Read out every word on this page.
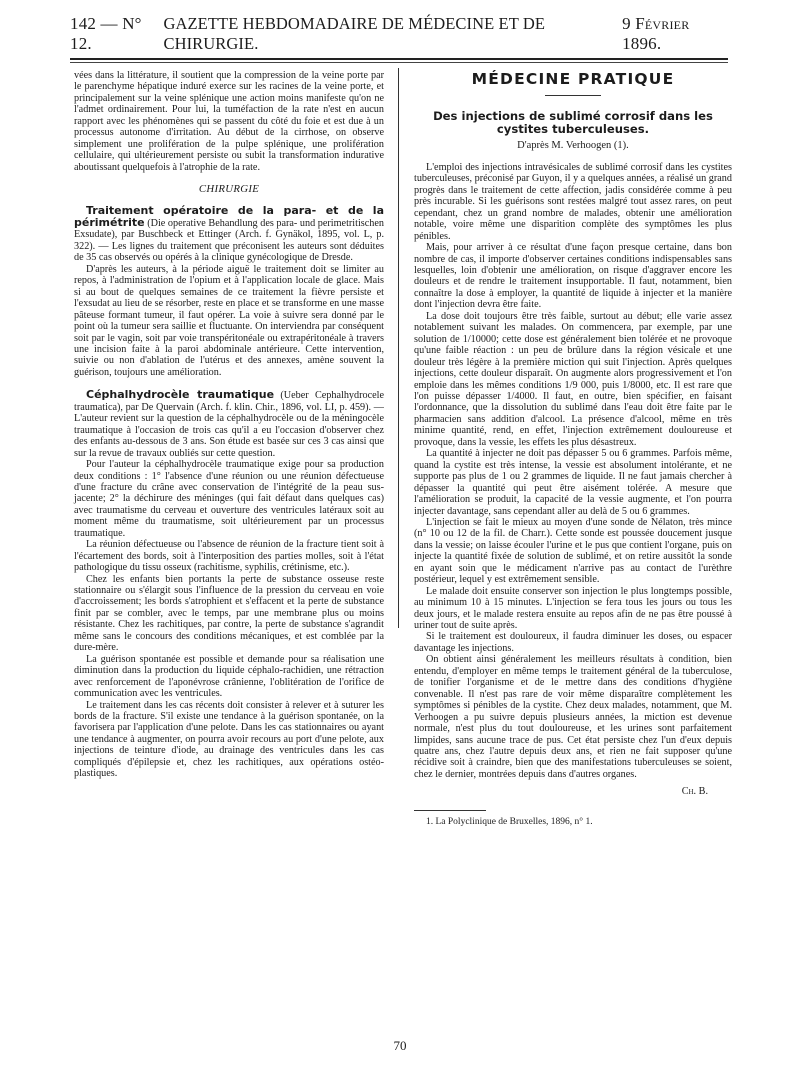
142 — N° 12.
GAZETTE HEBDOMADAIRE DE MÉDECINE ET DE CHIRURGIE.
9 Février 1896.

vées dans la littérature, il soutient que la compression de la veine porte par le parenchyme hépatique induré exerce sur les racines de la veine porte, et principalement sur la veine splénique une action moins manifeste qu'on ne l'admet ordinairement. Pour lui, la tuméfaction de la rate n'est en aucun rapport avec les phénomènes qui se passent du côté du foie et est due à un processus autonome d'irritation. Au début de la cirrhose, on observe simplement une prolifération de la pulpe splénique, une prolifération cellulaire, qui ultérieurement persiste ou subit la transformation indurative aboutissant quelquefois à l'atrophie de la rate.

CHIRURGIE

Traitement opératoire de la para- et de la périmétrite (Die operative Behandlung des para- und perimetritischen Exsudate), par Buschbeck et Ettinger (Arch. f. Gynäkol, 1895, vol. L, p. 322). — Les lignes du traitement que préconisent les auteurs sont déduites de 35 cas observés ou opérés à la clinique gynécologique de Dresde.

D'après les auteurs, à la période aiguë le traitement doit se limiter au repos, à l'administration de l'opium et à l'application locale de glace. Mais si au bout de quelques semaines de ce traitement la fièvre persiste et l'exsudat au lieu de se résorber, reste en place et se transforme en une masse pâteuse formant tumeur, il faut opérer. La voie à suivre sera donné par le point où la tumeur sera saillie et fluctuante. On interviendra par conséquent soit par le vagin, soit par voie transpéritonéale ou extrapéritonéale à travers une incision faite à la paroi abdominale antérieure. Cette intervention, suivie ou non d'ablation de l'utérus et des annexes, amène souvent la guérison, toujours une amélioration.

Céphalhydrocèle traumatique (Ueber Cephalhydrocele traumatica), par De Quervain (Arch. f. klin. Chir., 1896, vol. LI, p. 459). — L'auteur revient sur la question de la céphalhydrocèle ou de la méningocèle traumatique à l'occasion de trois cas qu'il a eu l'occasion d'observer chez des enfants au-dessous de 3 ans. Son étude est basée sur ces 3 cas ainsi que sur la revue de travaux oubliés sur cette question.

Pour l'auteur la céphalhydrocèle traumatique exige pour sa production deux conditions : 1° l'absence d'une réunion ou une réunion défectueuse d'une fracture du crâne avec conservation de l'intégrité de la peau sus-jacente; 2° la déchirure des méninges (qui fait défaut dans quelques cas) avec traumatisme du cerveau et ouverture des ventricules latéraux soit au moment même du traumatisme, soit ultérieurement par un processus traumatique.

La réunion défectueuse ou l'absence de réunion de la fracture tient soit à l'écartement des bords, soit à l'interposition des parties molles, soit à l'état pathologique du tissu osseux (rachitisme, syphilis, crétinisme, etc.).

Chez les enfants bien portants la perte de substance osseuse reste stationnaire ou s'élargit sous l'influence de la pression du cerveau en voie d'accroissement; les bords s'atrophient et s'effacent et la perte de substance finit par se combler, avec le temps, par une membrane plus ou moins résistante. Chez les rachitiques, par contre, la perte de substance s'agrandit même sans le concours des conditions mécaniques, et est comblée par la dure-mère.

La guérison spontanée est possible et demande pour sa réalisation une diminution dans la production du liquide céphalo-rachidien, une rétraction avec renforcement de l'aponévrose crânienne, l'oblitération de l'orifice de communication avec les ventricules.

Le traitement dans les cas récents doit consister à relever et à suturer les bords de la fracture. S'il existe une tendance à la guérison spontanée, on la favorisera par l'application d'une pelote. Dans les cas stationnaires ou ayant une tendance à augmenter, on pourra avoir recours au port d'une pelote, aux injections de teinture d'iode, au drainage des ventricules dans les cas compliqués d'épilepsie et, chez les rachitiques, aux opérations ostéo-plastiques.

MÉDECINE PRATIQUE
Des injections de sublimé corrosif dans les cystites tuberculeuses.
D'après M. Verhoogen (1).

L'emploi des injections intravésicales de sublimé corrosif dans les cystites tuberculeuses, préconisé par Guyon, il y a quelques années, a réalisé un grand progrès dans le traitement de cette affection, jadis considérée comme à peu près incurable. Si les guérisons sont restées malgré tout assez rares, on peut cependant, chez un grand nombre de malades, obtenir une amélioration notable, voire même une disparition complète des symptômes les plus pénibles.

Mais, pour arriver à ce résultat d'une façon presque certaine, dans bon nombre de cas, il importe d'observer certaines conditions indispensables sans lesquelles, loin d'obtenir une amélioration, on risque d'aggraver encore les douleurs et de rendre le traitement insupportable. Il faut, notamment, bien connaître la dose à employer, la quantité de liquide à injecter et la manière dont l'injection devra être faite.

La dose doit toujours être très faible, surtout au début; elle varie assez notablement suivant les malades. On commencera, par exemple, par une solution de 1/10000; cette dose est généralement bien tolérée et ne provoque qu'une faible réaction : un peu de brûlure dans la région vésicale et une douleur très légère à la première miction qui suit l'injection. Après quelques injections, cette douleur disparaît. On augmente alors progressivement et l'on emploie dans les mêmes conditions 1/9 000, puis 1/8000, etc. Il est rare que l'on puisse dépasser 1/4000. Il faut, en outre, bien spécifier, en faisant l'ordonnance, que la dissolution du sublimé dans l'eau doit être faite par le pharmacien sans addition d'alcool. La présence d'alcool, même en très minime quantité, rend, en effet, l'injection extrêmement douloureuse et provoque, dans la vessie, les effets les plus désastreux.

La quantité à injecter ne doit pas dépasser 5 ou 6 grammes. Parfois même, quand la cystite est très intense, la vessie est absolument intolérante, et ne supporte pas plus de 1 ou 2 grammes de liquide. Il ne faut jamais chercher à dépasser la quantité qui peut être aisément tolérée. A mesure que l'amélioration se produit, la capacité de la vessie augmente, et l'on pourra injecter davantage, sans cependant aller au delà de 5 ou 6 grammes.

L'injection se fait le mieux au moyen d'une sonde de Nélaton, très mince (n° 10 ou 12 de la fil. de Charr.). Cette sonde est poussée doucement jusque dans la vessie; on laisse écouler l'urine et le pus que contient l'organe, puis on injecte la quantité fixée de solution de sublimé, et on retire aussitôt la sonde en ayant soin que le médicament n'arrive pas au contact de l'urèthre postérieur, lequel y est extrêmement sensible.

Le malade doit ensuite conserver son injection le plus longtemps possible, au minimum 10 à 15 minutes. L'injection se fera tous les jours ou tous les deux jours, et le malade restera ensuite au repos afin de ne pas être poussé à uriner tout de suite après.

Si le traitement est douloureux, il faudra diminuer les doses, ou espacer davantage les injections.

On obtient ainsi généralement les meilleurs résultats à condition, bien entendu, d'employer en même temps le traitement général de la tuberculose, de tonifier l'organisme et de le mettre dans des conditions d'hygiène convenable. Il n'est pas rare de voir même disparaître complètement les symptômes si pénibles de la cystite. Chez deux malades, notamment, que M. Verhoogen a pu suivre depuis plusieurs années, la miction est devenue normale, n'est plus du tout douloureuse, et les urines sont parfaitement limpides, sans aucune trace de pus. Cet état persiste chez l'un d'eux depuis quatre ans, chez l'autre depuis deux ans, et rien ne fait supposer qu'une récidive soit à craindre, bien que des manifestations tuberculeuses se soient, chez le dernier, montrées depuis dans d'autres organes.

Ch. B.

1. La Polyclinique de Bruxelles, 1896, n° 1.

70
